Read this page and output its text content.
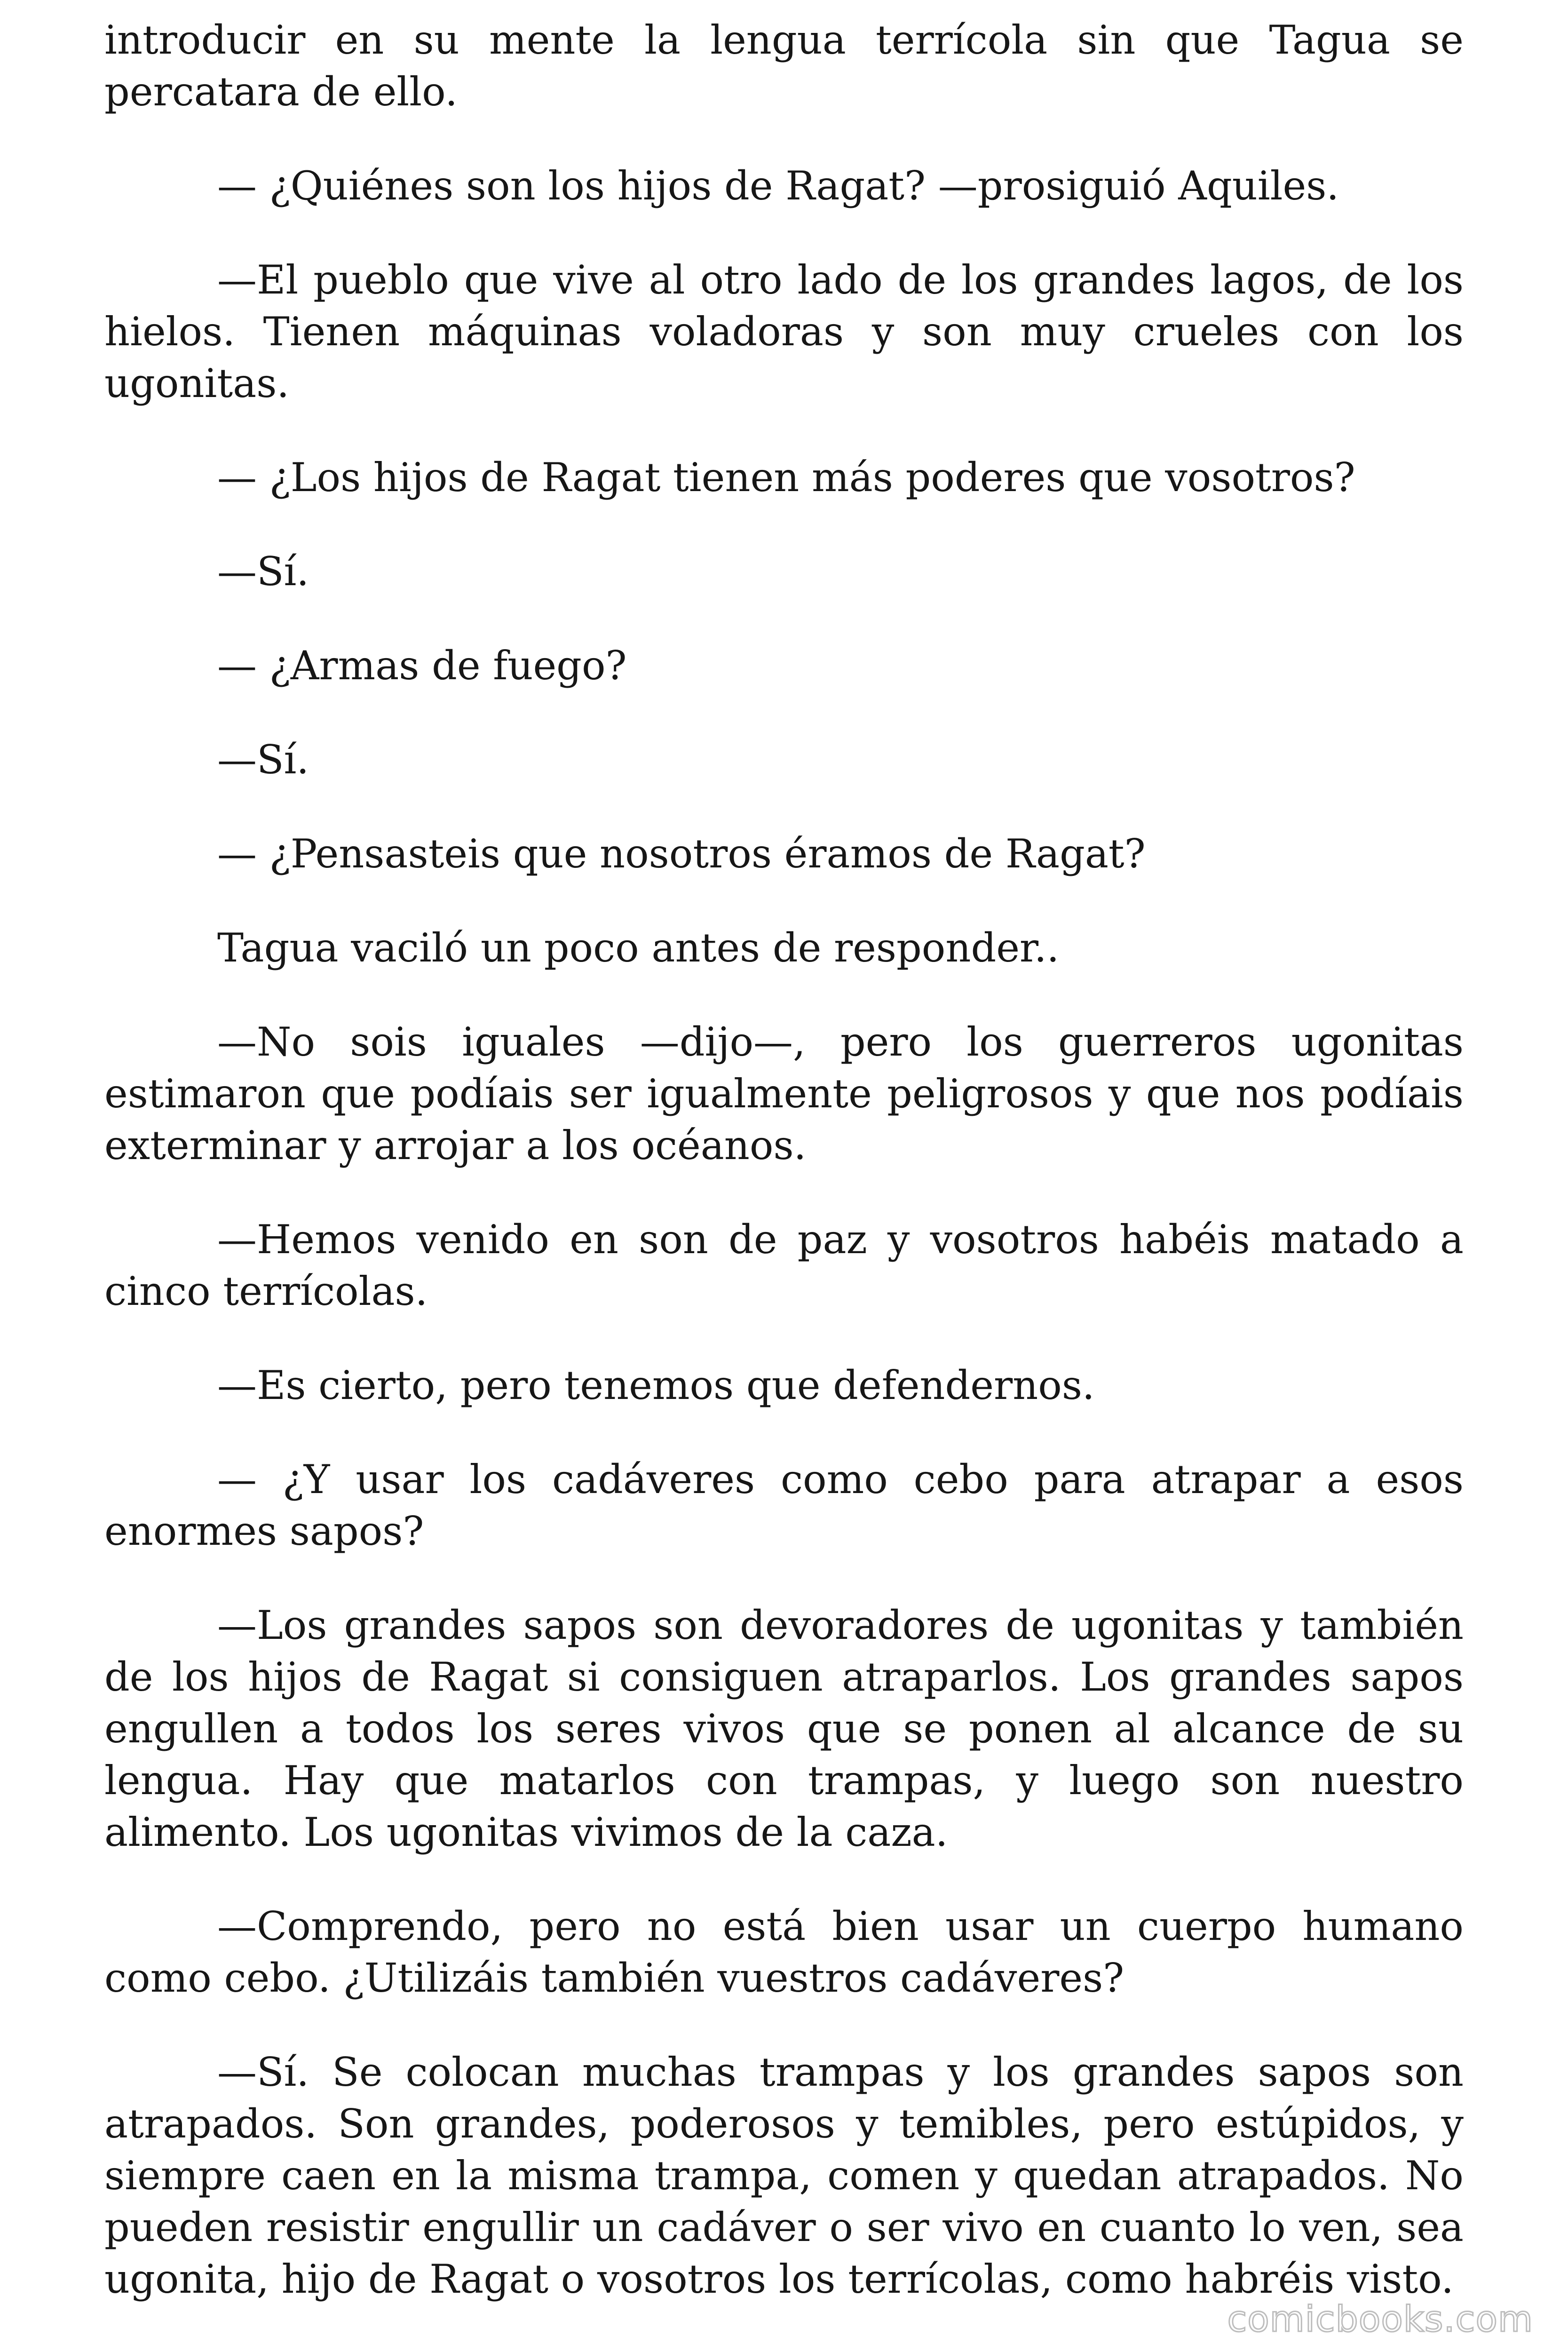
introducir en su mente la lengua terrícola sin que Tagua se percatara de ello.

— ¿Quiénes son los hijos de Ragat? —prosiguió Aquiles.

—El pueblo que vive al otro lado de los grandes lagos, de los hielos. Tienen máquinas voladoras y son muy crueles con los ugonitas.

— ¿Los hijos de Ragat tienen más poderes que vosotros?

—Sí.

— ¿Armas de fuego?

—Sí.

— ¿Pensasteis que nosotros éramos de Ragat?

Tagua vaciló un poco antes de responder..

—No sois iguales —dijo—, pero los guerreros ugonitas estimaron que podíais ser igualmente peligrosos y que nos podíais exterminar y arrojar a los océanos.

—Hemos venido en son de paz y vosotros habéis matado a cinco terrícolas.

—Es cierto, pero tenemos que defendernos.

— ¿Y usar los cadáveres como cebo para atrapar a esos enormes sapos?

—Los grandes sapos son devoradores de ugonitas y también de los hijos de Ragat si consiguen atraparlos. Los grandes sapos engullen a todos los seres vivos que se ponen al alcance de su lengua. Hay que matarlos con trampas, y luego son nuestro alimento. Los ugonitas vivimos de la caza.

—Comprendo, pero no está bien usar un cuerpo humano como cebo. ¿Utilizáis también vuestros cadáveres?

—Sí. Se colocan muchas trampas y los grandes sapos son atrapados. Son grandes, poderosos y temibles, pero estúpidos, y siempre caen en la misma trampa, comen y quedan atrapados. No pueden resistir engullir un cadáver o ser vivo en cuanto lo ven, sea ugonita, hijo de Ragat o vosotros los terrícolas, como habréis visto.

comicbooks.com
